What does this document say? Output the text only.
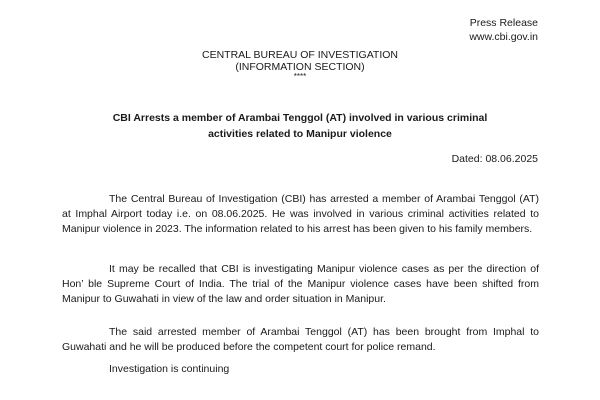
Press Release
www.cbi.gov.in
CENTRAL BUREAU OF INVESTIGATION
(INFORMATION SECTION)
****
CBI Arrests a member of Arambai Tenggol (AT) involved in various criminal activities related to Manipur violence
Dated: 08.06.2025

The Central Bureau of Investigation (CBI) has arrested a member of Arambai Tenggol (AT) at Imphal Airport today i.e. on 08.06.2025. He was involved in various criminal activities related to Manipur violence in 2023. The information related to his arrest has been given to his family members.

It may be recalled that CBI is investigating Manipur violence cases as per the direction of Hon’ ble Supreme Court of India. The trial of the Manipur violence cases have been shifted from Manipur to Guwahati in view of the law and order situation in Manipur.

The said arrested member of Arambai Tenggol (AT) has been brought from Imphal to Guwahati and he will be produced before the competent court for police remand.

Investigation is continuing
